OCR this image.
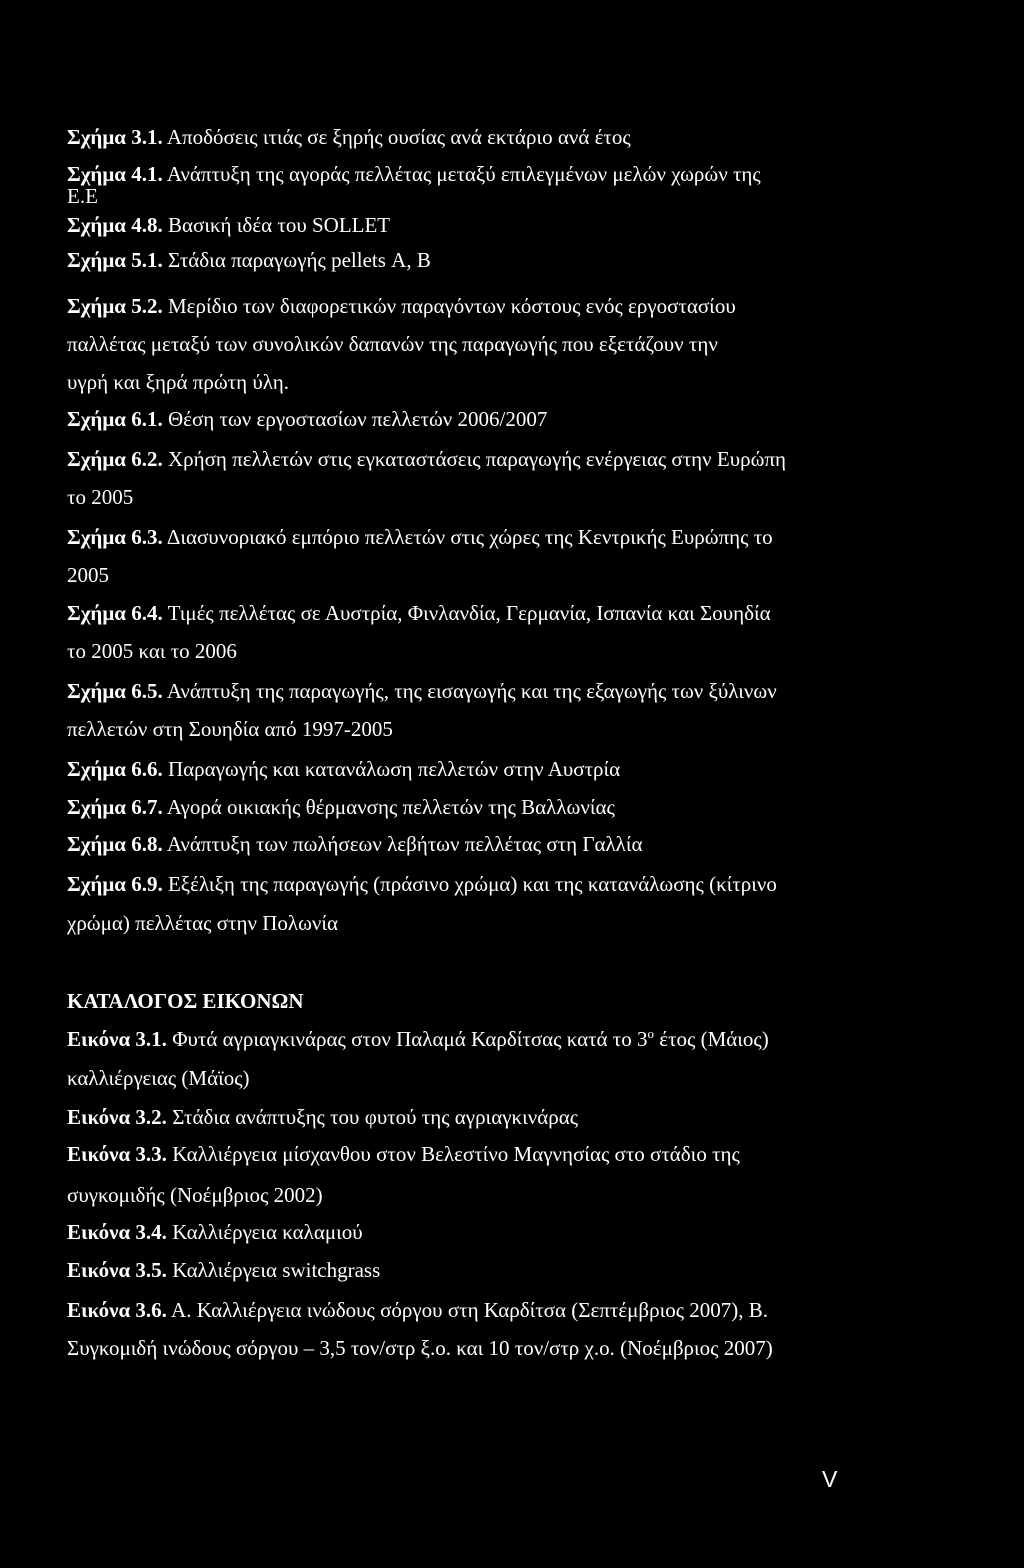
Σχήμα 3.1. Αποδόσεις ιτιάς σε ξηρής ουσίας ανά εκτάριο ανά έτος
Σχήμα 4.1. Ανάπτυξη της αγοράς πελλέτας μεταξύ επιλεγμένων μελών χωρών της
Ε.Ε
Σχήμα 4.8. Βασική ιδέα του SOLLET
Σχήμα 5.1. Στάδια παραγωγής pellets Α, Β
Σχήμα 5.2. Μερίδιο των διαφορετικών παραγόντων κόστους ενός εργοστασίου
παλλέτας μεταξύ των συνολικών δαπανών της παραγωγής που εξετάζουν την
υγρή και ξηρά πρώτη ύλη.
Σχήμα 6.1. Θέση των εργοστασίων πελλετών 2006/2007
Σχήμα 6.2. Χρήση πελλετών στις εγκαταστάσεις παραγωγής ενέργειας στην Ευρώπη
το 2005
Σχήμα 6.3. Διασυνοριακό εμπόριο πελλετών στις χώρες της Κεντρικής Ευρώπης το
2005
Σχήμα 6.4. Τιμές πελλέτας σε Αυστρία, Φινλανδία, Γερμανία, Ισπανία και Σουηδία
το 2005 και το 2006
Σχήμα 6.5. Ανάπτυξη της παραγωγής, της εισαγωγής και της εξαγωγής των ξύλινων
πελλετών στη Σουηδία από 1997-2005
Σχήμα 6.6. Παραγωγής και κατανάλωση πελλετών στην Αυστρία
Σχήμα 6.7. Αγορά οικιακής θέρμανσης πελλετών της Βαλλωνίας
Σχήμα 6.8. Ανάπτυξη των πωλήσεων λεβήτων πελλέτας στη Γαλλία
Σχήμα 6.9. Εξέλιξη της παραγωγής (πράσινο χρώμα) και της κατανάλωσης (κίτρινο
χρώμα) πελλέτας στην Πολωνία
ΚΑΤΑΛΟΓΟΣ ΕΙΚΟΝΩΝ
Εικόνα 3.1. Φυτά αγριαγκινάρας στον Παλαμά Καρδίτσας κατά το $3^o$ έτος (Μάιος)
καλλιέργειας (Μάϊος)
Εικόνα 3.2. Στάδια ανάπτυξης του φυτού της αγριαγκινάρας
Εικόνα 3.3. Καλλιέργεια μίσχανθου στον Βελεστίνο Μαγνησίας στο στάδιο της
συγκομιδής (Νοέμβριος 2002)
Εικόνα 3.4. Καλλιέργεια καλαμιού
Εικόνα 3.5. Καλλιέργεια switchgrass
Εικόνα 3.6. Α. Καλλιέργεια ινώδους σόργου στη Καρδίτσα (Σεπτέμβριος 2007), Β.
Συγκομιδή ινώδους σόργου – 3,5 τον/στρ ξ.ο. και 10 τον/στρ χ.ο. (Νοέμβριος 2007)
V
